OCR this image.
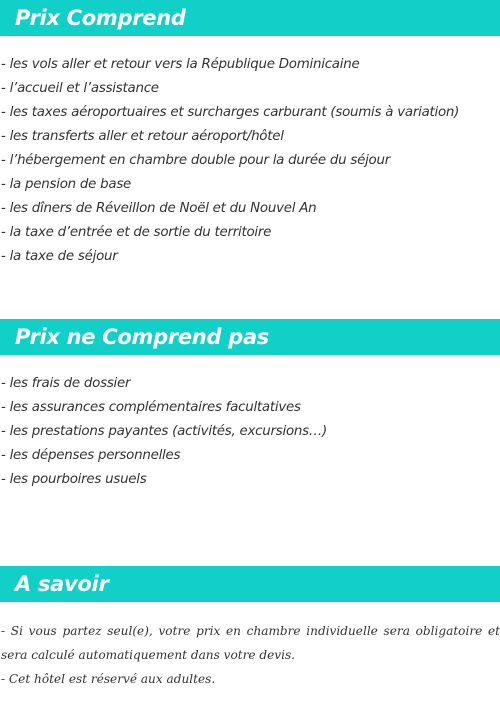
Prix Comprend
- les vols aller et retour vers la République Dominicaine
- l’accueil et l’assistance
- les taxes aéroportuaires et surcharges carburant (soumis à variation)
- les transferts aller et retour aéroport/hôtel
- l’hébergement en chambre double pour la durée du séjour
- la pension de base
- les dîners de Réveillon de Noël et du Nouvel An
- la taxe d’entrée et de sortie du territoire
- la taxe de séjour
Prix ne Comprend pas
- les frais de dossier
- les assurances complémentaires facultatives
- les prestations payantes (activités, excursions…)
- les dépenses personnelles
- les pourboires usuels
A savoir

- Si vous partez seul(e), votre prix en chambre individuelle sera obligatoire et sera calculé automatiquement dans votre devis.

- Cet hôtel est réservé aux adultes.
